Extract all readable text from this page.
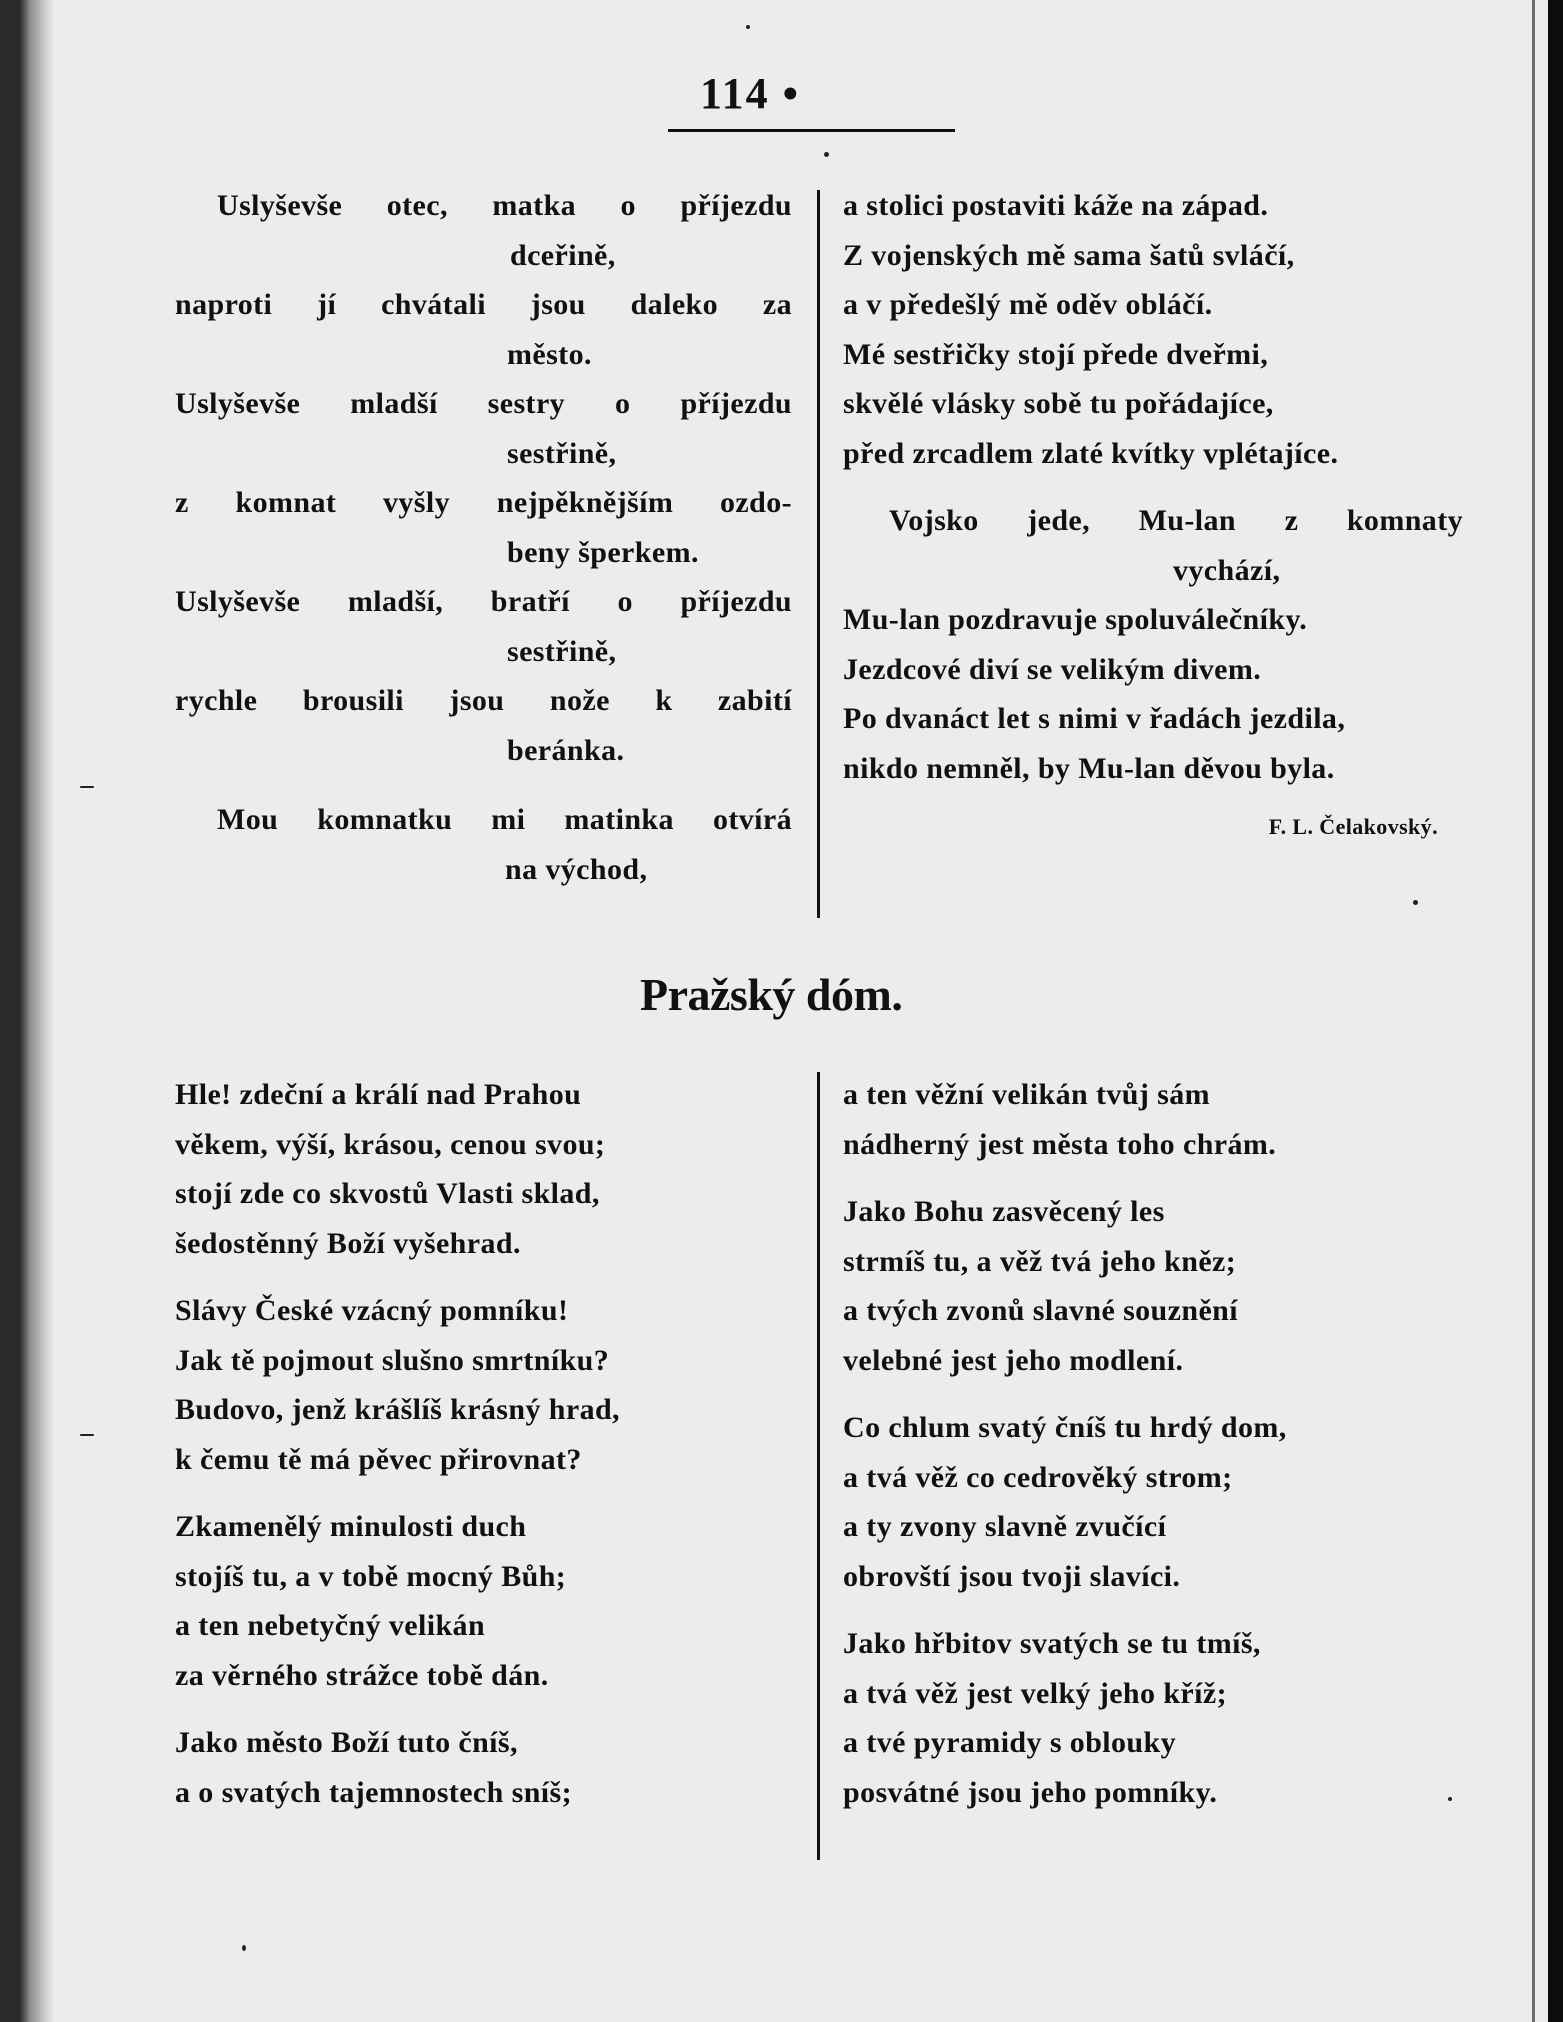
114 •
Uslyševše otec, matka o příjezdu
dceřině,
naproti jí chvátali jsou daleko za
město.
Uslyševše mladší sestry o příjezdu
sestřině,
z komnat vyšly nejpěknějším ozdo-
beny šperkem.
Uslyševše mladší, bratří o příjezdu
sestřině,
rychle brousili jsou nože k zabití
beránka.
Mou komnatku mi matinka otvírá
na východ,
a stolici postaviti káže na západ.
Z vojenských mě sama šatů svláčí,
a v předešlý mě oděv obláčí.
Mé sestřičky stojí přede dveřmi,
skvělé vlásky sobě tu pořádajíce,
před zrcadlem zlaté kvítky vplétajíce.
Vojsko jede, Mu-lan z komnaty
vychází,
Mu-lan pozdravuje spoluválečníky.
Jezdcové diví se velikým divem.
Po dvanáct let s nimi v řadách jezdila,
nikdo nemněl, by Mu-lan děvou byla.
F. L. Čelakovský.
Pražský dóm.
Hle! zdeční a králí nad Prahou
věkem, výší, krásou, cenou svou;
stojí zde co skvostů Vlasti sklad,
šedostěnný Boží vyšehrad.
Slávy České vzácný pomníku!
Jak tě pojmout slušno smrtníku?
Budovo, jenž krášlíš krásný hrad,
k čemu tě má pěvec přirovnat?
Zkamenělý minulosti duch
stojíš tu, a v tobě mocný Bůh;
a ten nebetyčný velikán
za věrného strážce tobě dán.
Jako město Boží tuto čníš,
a o svatých tajemnostech sníš;
a ten věžní velikán tvůj sám
nádherný jest města toho chrám.
Jako Bohu zasvěcený les
strmíš tu, a věž tvá jeho kněz;
a tvých zvonů slavné souznění
velebné jest jeho modlení.
Co chlum svatý čníš tu hrdý dom,
a tvá věž co cedrověký strom;
a ty zvony slavně zvučící
obrovští jsou tvoji slavíci.
Jako hřbitov svatých se tu tmíš,
a tvá věž jest velký jeho kříž;
a tvé pyramidy s oblouky
posvátné jsou jeho pomníky.
